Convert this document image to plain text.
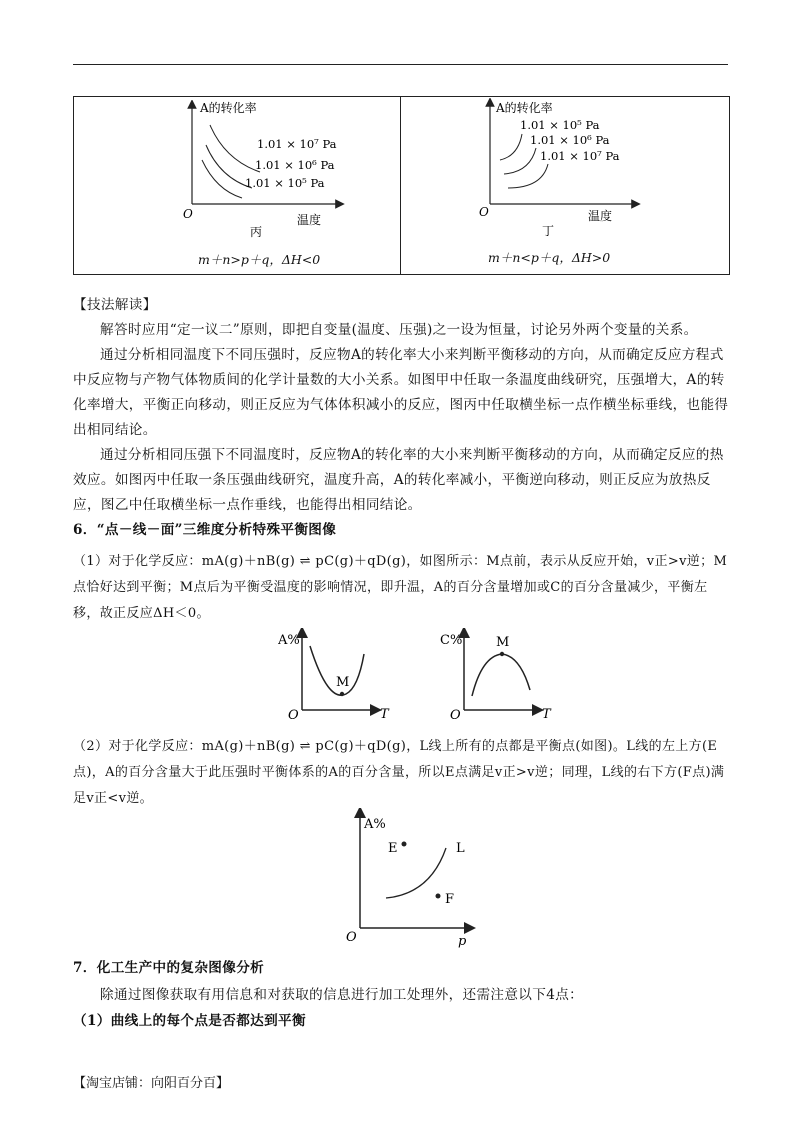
A的转化率
1.01 × 10⁷ Pa
1.01 × 10⁶ Pa
1.01 × 10⁵ Pa
O	温度
丙
m＋n>p＋q，ΔH<0
A的转化率
1.01 × 10⁵ Pa
1.01 × 10⁶ Pa
1.01 × 10⁷ Pa
O	温度
丁
m＋n<p＋q，ΔH>0
【技法解读】
解答时应用“定一议二”原则，即把自变量(温度、压强)之一设为恒量，讨论另外两个变量的关系。
通过分析相同温度下不同压强时，反应物A的转化率大小来判断平衡移动的方向，从而确定反应方程式中反应物与产物气体物质间的化学计量数的大小关系。如图甲中任取一条温度曲线研究，压强增大，A的转化率增大，平衡正向移动，则正反应为气体体积减小的反应，图丙中任取横坐标一点作横坐标垂线，也能得出相同结论。
通过分析相同压强下不同温度时，反应物A的转化率的大小来判断平衡移动的方向，从而确定反应的热效应。如图丙中任取一条压强曲线研究，温度升高，A的转化率减小，平衡逆向移动，则正反应为放热反应，图乙中任取横坐标一点作垂线，也能得出相同结论。
6．“点－线－面”三维度分析特殊平衡图像
（1）对于化学反应：mA(g)＋nB(g) ⇌ pC(g)＋qD(g)，如图所示：M点前，表示从反应开始，v正>v逆；M点恰好达到平衡；M点后为平衡受温度的影响情况，即升温，A的百分含量增加或C的百分含量减少，平衡左移，故正反应ΔH＜0。
A%
M
O	T
C%	M
O	T
（2）对于化学反应：mA(g)＋nB(g) ⇌ pC(g)＋qD(g)，L线上所有的点都是平衡点(如图)。L线的左上方(E点)，A的百分含量大于此压强时平衡体系的A的百分含量，所以E点满足v正>v逆；同理，L线的右下方(F点)满足v正<v逆。
A%
L
E
F
O	p
7．化工生产中的复杂图像分析
除通过图像获取有用信息和对获取的信息进行加工处理外，还需注意以下4点：
（1）曲线上的每个点是否都达到平衡
【淘宝店铺：向阳百分百】
